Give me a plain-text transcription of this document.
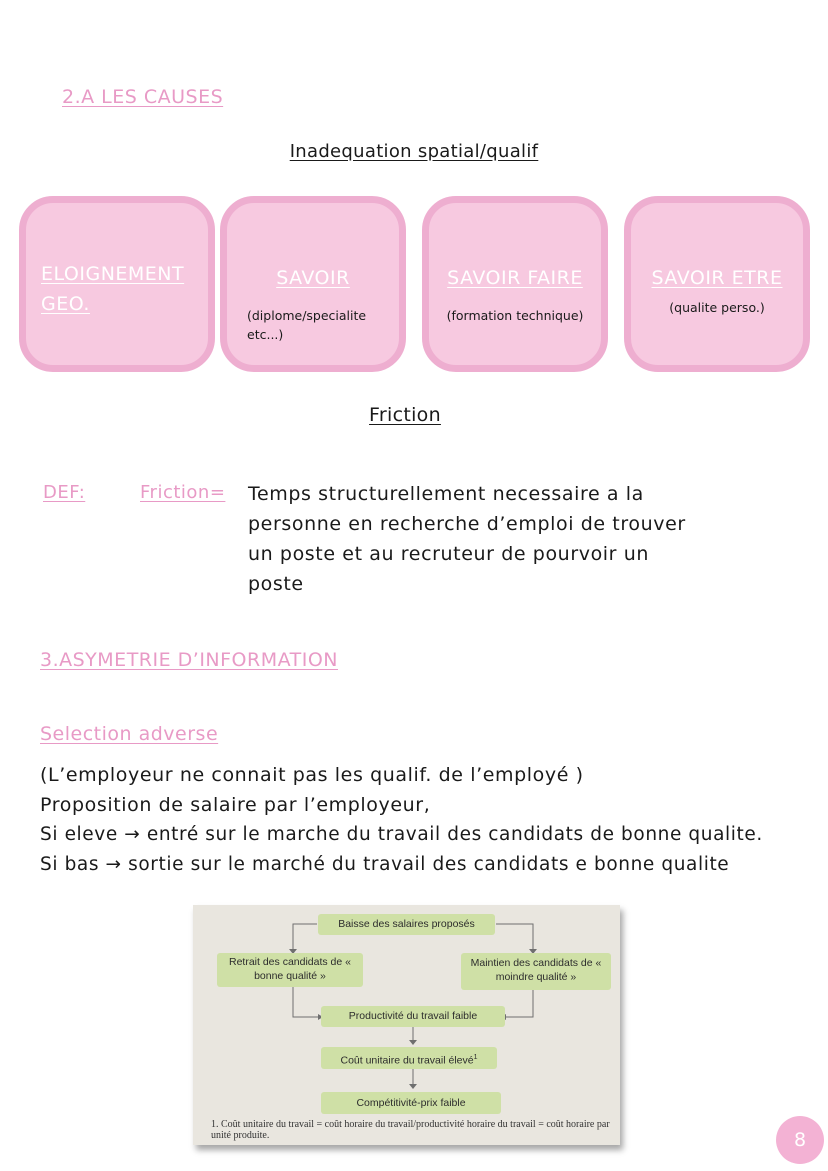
2.A LES CAUSES
Inadequation spatial/qualif
ELOIGNEMENT GEO.
SAVOIR
(diplome/specialite etc...)
SAVOIR FAIRE
(formation technique)
SAVOIR ETRE
(qualite perso.)
Friction
DEF:	Friction= Temps structurellement necessaire a la personne en recherche d’emploi de trouver un poste et au recruteur de pourvoir un poste
3.ASYMETRIE D’INFORMATION
Selection adverse
(L’employeur ne connait pas les qualif. de l’employé )
Proposition de salaire par l’employeur,
Si eleve → entré sur le marche du travail des candidats de bonne qualite.
Si bas → sortie sur le marché du travail des candidats e bonne qualite
Baisse des salaires proposés
Retrait des candidats de « bonne qualité »
Maintien des candidats de « moindre qualité »
Productivité du travail faible
Coût unitaire du travail élevé$^1$
Compétitivité-prix faible
1. Coût unitaire du travail = coût horaire du travail/productivité horaire du travail = coût horaire par unité produite.	8
